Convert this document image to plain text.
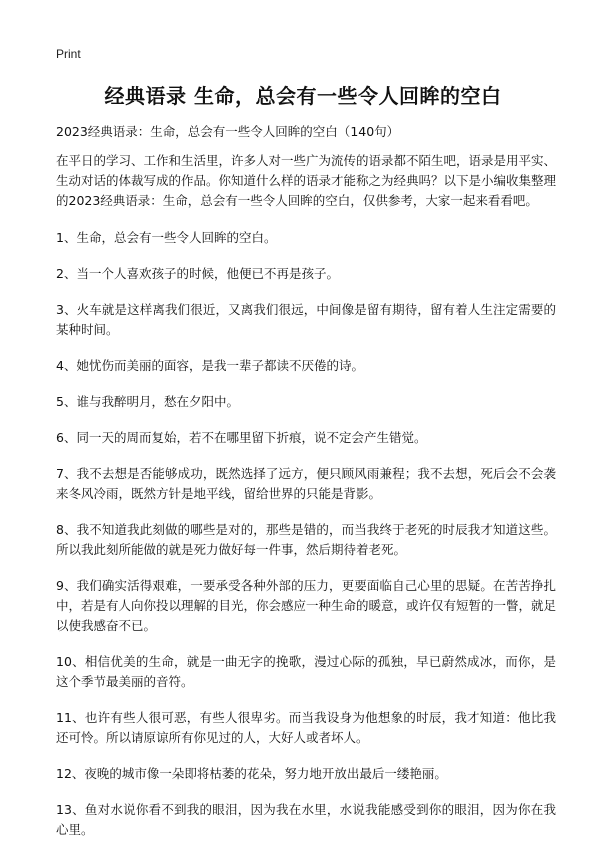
Print
经典语录 生命，总会有一些令人回眸的空白

2023经典语录：生命，总会有一些令人回眸的空白（140句）

在平日的学习、工作和生活里，许多人对一些广为流传的语录都不陌生吧，语录是用平实、生动对话的体裁写成的作品。你知道什么样的语录才能称之为经典吗？以下是小编收集整理的2023经典语录：生命，总会有一些令人回眸的空白，仅供参考，大家一起来看看吧。

1、生命，总会有一些令人回眸的空白。

2、当一个人喜欢孩子的时候，他便已不再是孩子。

3、火车就是这样离我们很近，又离我们很远，中间像是留有期待，留有着人生注定需要的某种时间。

4、她忧伤而美丽的面容，是我一辈子都读不厌倦的诗。

5、谁与我醉明月，愁在夕阳中。

6、同一天的周而复始，若不在哪里留下折痕，说不定会产生错觉。

7、我不去想是否能够成功，既然选择了远方，便只顾风雨兼程；我不去想，死后会不会袭来冬风冷雨，既然方针是地平线，留给世界的只能是背影。

8、我不知道我此刻做的哪些是对的，那些是错的，而当我终于老死的时辰我才知道这些。所以我此刻所能做的就是死力做好每一件事，然后期待着老死。

9、我们确实活得艰难，一要承受各种外部的压力，更要面临自己心里的思疑。在苦苦挣扎中，若是有人向你投以理解的目光，你会感应一种生命的暖意，或许仅有短暂的一瞥，就足以使我感奋不已。

10、相信优美的生命，就是一曲无字的挽歌，漫过心际的孤独，早已蔚然成冰，而你，是这个季节最美丽的音符。

11、也许有些人很可恶，有些人很卑劣。而当我设身为他想象的时辰，我才知道：他比我还可怜。所以请原谅所有你见过的人，大好人或者坏人。

12、夜晚的城市像一朵即将枯萎的花朵，努力地开放出最后一缕艳丽。

13、鱼对水说你看不到我的眼泪，因为我在水里，水说我能感受到你的眼泪，因为你在我心里。
